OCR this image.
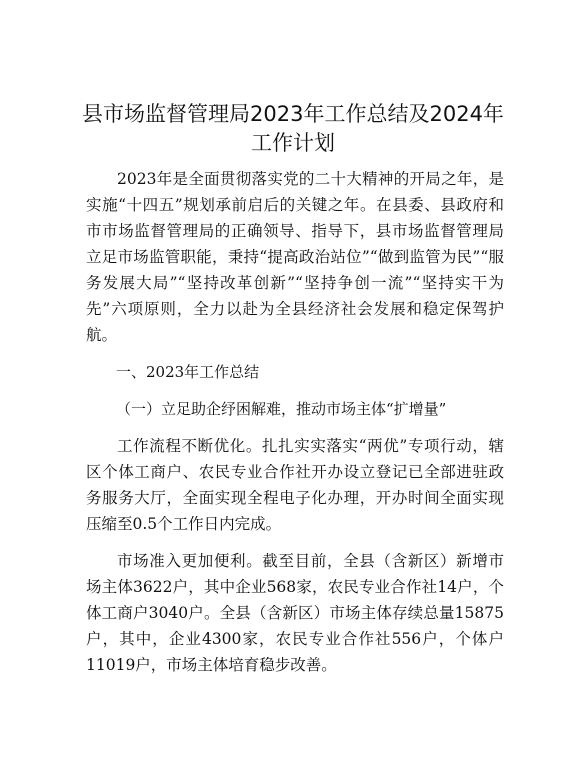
县市场监督管理局2023年工作总结及2024年
工作计划

2023年是全面贯彻落实党的二十大精神的开局之年，是实施“十四五”规划承前启后的关键之年。在县委、县政府和市市场监督管理局的正确领导、指导下，县市场监督管理局立足市场监管职能，秉持“提高政治站位”“做到监管为民”“服务发展大局”“坚持改革创新”“坚持争创一流”“坚持实干为先”六项原则，全力以赴为全县经济社会发展和稳定保驾护航。

一、2023年工作总结

（一）立足助企纾困解难，推动市场主体“扩增量”

工作流程不断优化。扎扎实实落实“两优”专项行动，辖区个体工商户、农民专业合作社开办设立登记已全部进驻政务服务大厅，全面实现全程电子化办理，开办时间全面实现压缩至0.5个工作日内完成。

市场准入更加便利。截至目前，全县（含新区）新增市场主体3622户，其中企业568家，农民专业合作社14户，个体工商户3040户。全县（含新区）市场主体存续总量15875户，其中，企业4300家，农民专业合作社556户，个体户11019户，市场主体培育稳步改善。
